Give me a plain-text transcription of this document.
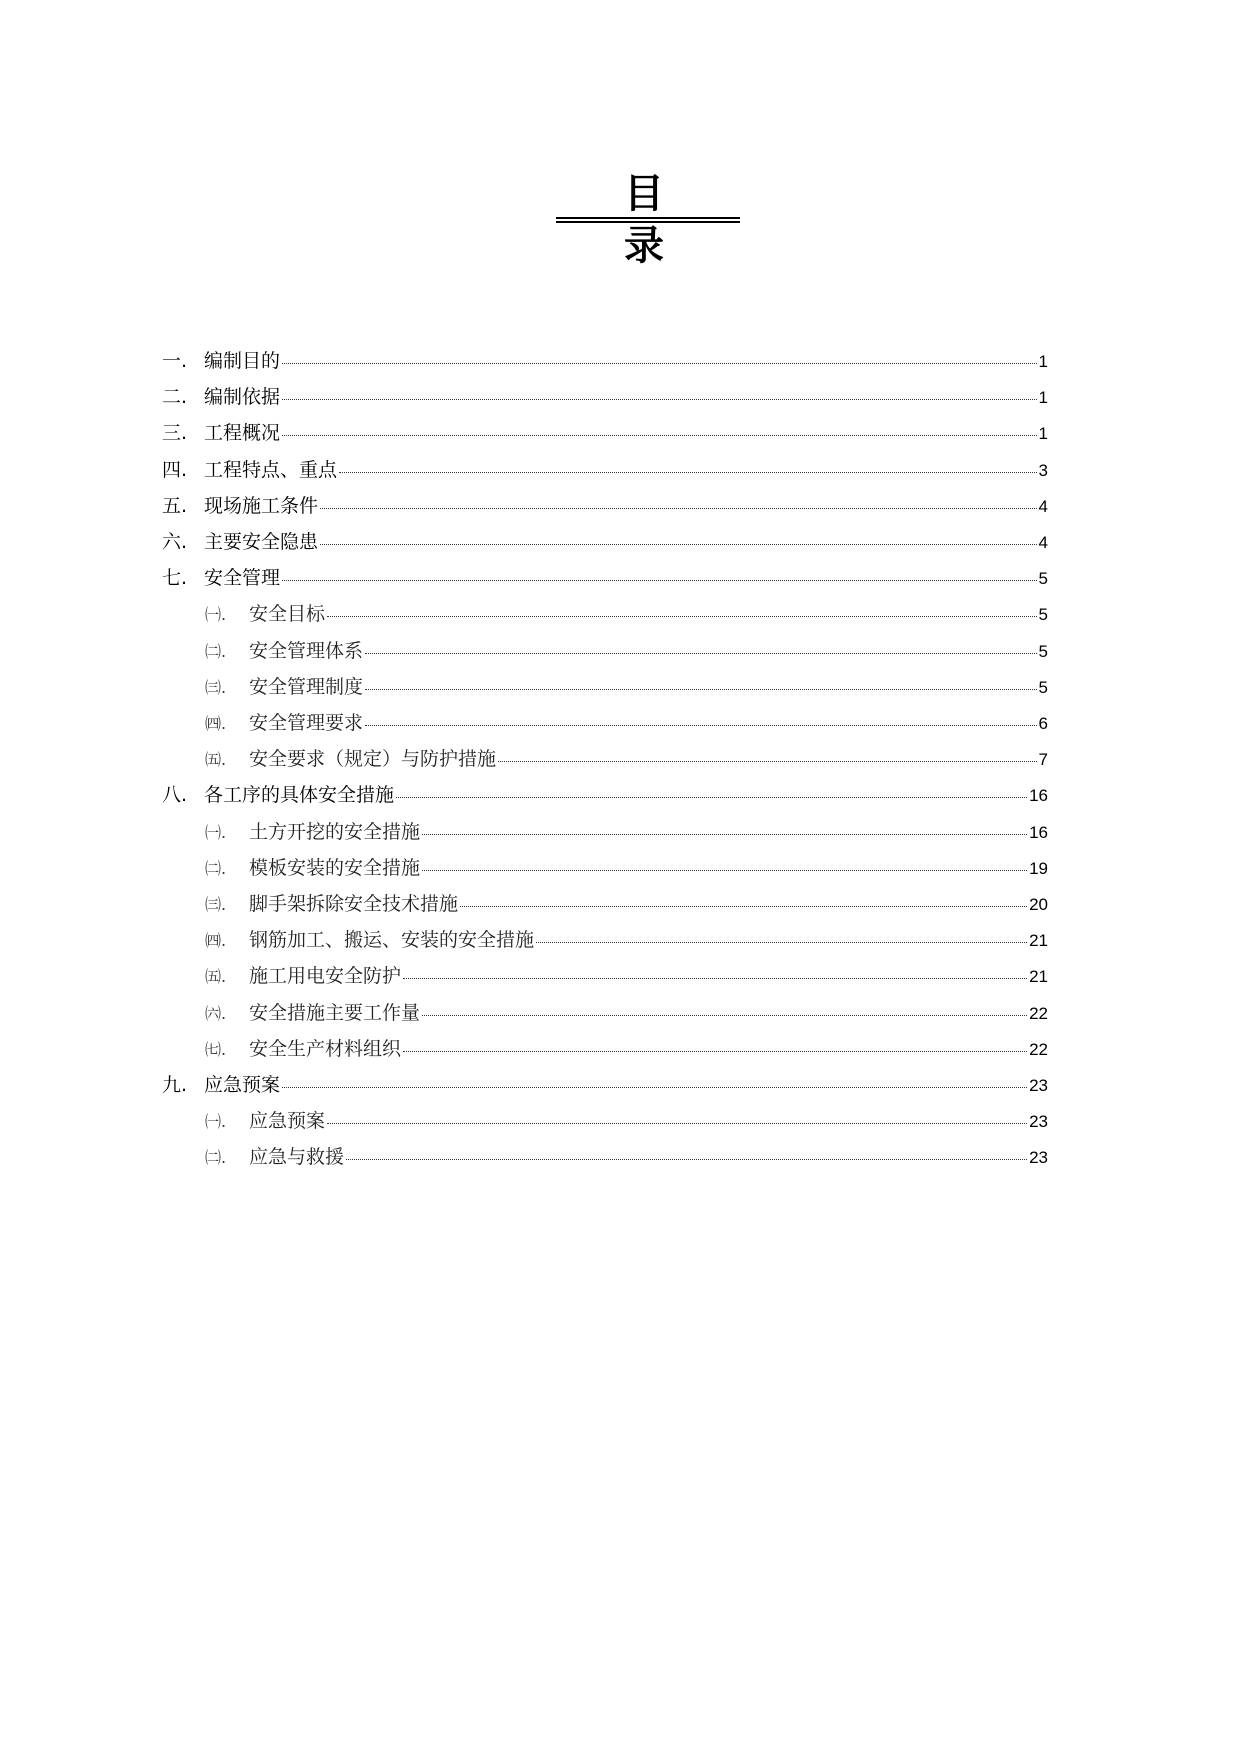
目 录
一. 编制目的	1
二. 编制依据	1
三. 工程概况	1
四. 工程特点、重点	3
五. 现场施工条件	4
六. 主要安全隐患	4
七. 安全管理	5
㈠.	安全目标	5
㈡.	安全管理体系	5
㈢.	安全管理制度	5
㈣.	安全管理要求	6
㈤.	安全要求（规定）与防护措施	7
八. 各工序的具体安全措施	16
㈠.	土方开挖的安全措施	16
㈡.	模板安装的安全措施	19
㈢.	脚手架拆除安全技术措施	20
㈣.	钢筋加工、搬运、安装的安全措施	21
㈤.	施工用电安全防护	21
㈥.	安全措施主要工作量	22
㈦.	安全生产材料组织	22
九. 应急预案	23
㈠.	应急预案	23
㈡.	应急与救援	23
